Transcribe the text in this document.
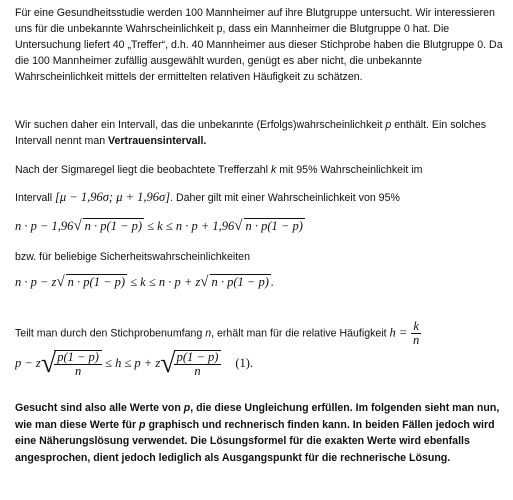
Für eine Gesundheitsstudie werden 100 Mannheimer auf ihre Blutgruppe untersucht. Wir interessieren uns für die unbekannte Wahrscheinlichkeit p, dass ein Mannheimer die Blutgruppe 0 hat. Die Untersuchung liefert 40 „Treffer“, d.h. 40 Mannheimer aus dieser Stichprobe haben die Blutgruppe 0. Da die 100 Mannheimer zufällig ausgewählt wurden, genügt es aber nicht, die unbekannte Wahrscheinlichkeit mittels der ermittelten relativen Häufigkeit zu schätzen.

Wir suchen daher ein Intervall, das die unbekannte (Erfolgs)wahrscheinlichkeit p enthält. Ein solches Intervall nennt man Vertrauensintervall.

Nach der Sigmaregel liegt die beobachtete Trefferzahl k mit 95% Wahrscheinlichkeit im

Intervall [μ − 1,96σ; μ + 1,96σ]. Daher gilt mit einer Wahrscheinlichkeit von 95%

n · p − 1,96√ n · p(1 − p) ≤ k ≤ n · p + 1,96√ n · p(1 − p)

bzw. für beliebige Sicherheitswahrscheinlichkeiten

n · p − z√ n · p(1 − p) ≤ k ≤ n · p + z√ n · p(1 − p) .

Teilt man durch den Stichprobenumfang n, erhält man für die relative Häufigkeit $h = \frac{k}{n}$

p − z√
$\frac{p(1 - p)}{n} \le h \le p + z√$
$\frac{p(1 - p)}{n} (1)$.

Gesucht sind also alle Werte von p, die diese Ungleichung erfüllen. Im folgenden sieht man nun, wie man diese Werte für p graphisch und rechnerisch finden kann. In beiden Fällen jedoch wird eine Näherungslösung verwendet. Die Lösungsformel für die exakten Werte wird ebenfalls angesprochen, dient jedoch lediglich als Ausgangspunkt für die rechnerische Lösung.
